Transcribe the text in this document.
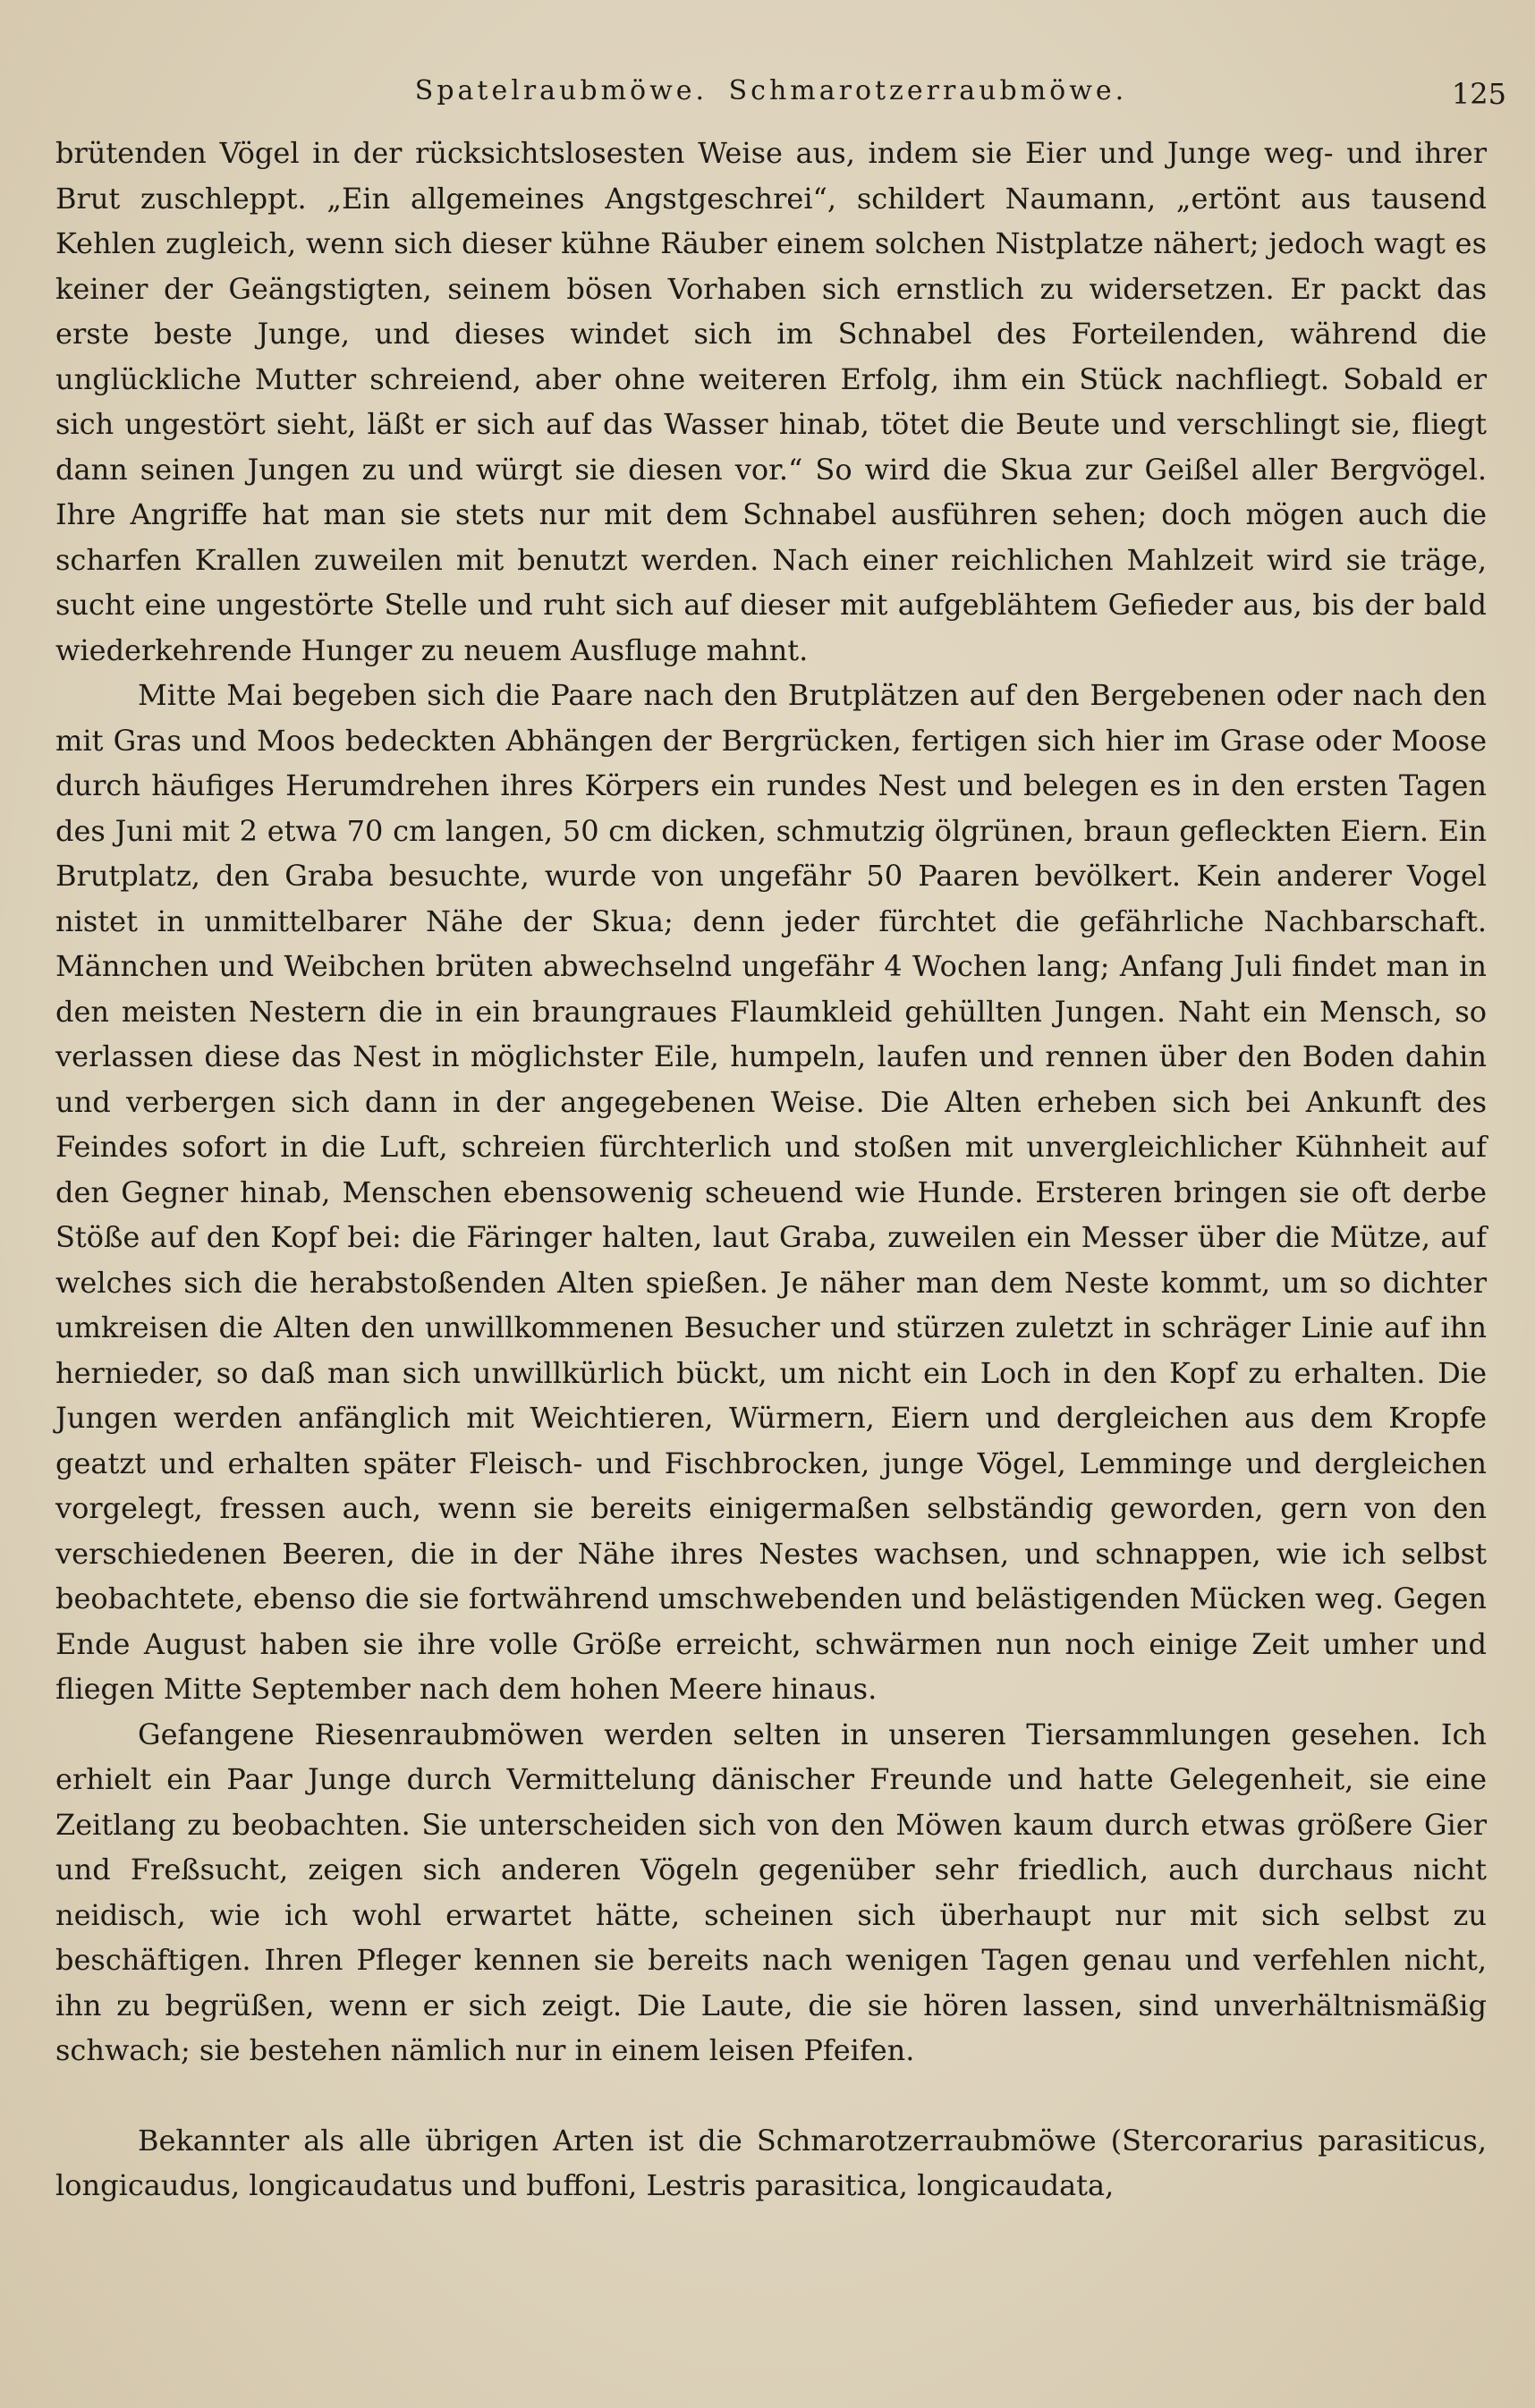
Spatelraubmöwe. Schmarotzerraubmöwe.	125

brütenden Vögel in der rücksichtslosesten Weise aus, indem sie Eier und Junge weg- und ihrer Brut zuschleppt. „Ein allgemeines Angstgeschrei“, schildert Naumann, „ertönt aus tausend Kehlen zugleich, wenn sich dieser kühne Räuber einem solchen Nistplatze nähert; jedoch wagt es keiner der Geängstigten, seinem bösen Vorhaben sich ernstlich zu widersetzen. Er packt das erste beste Junge, und dieses windet sich im Schnabel des Forteilenden, während die unglückliche Mutter schreiend, aber ohne weiteren Erfolg, ihm ein Stück nachfliegt. Sobald er sich ungestört sieht, läßt er sich auf das Wasser hinab, tötet die Beute und verschlingt sie, fliegt dann seinen Jungen zu und würgt sie diesen vor.“ So wird die Skua zur Geißel aller Bergvögel. Ihre Angriffe hat man sie stets nur mit dem Schnabel ausführen sehen; doch mögen auch die scharfen Krallen zuweilen mit benutzt werden. Nach einer reichlichen Mahlzeit wird sie träge, sucht eine ungestörte Stelle und ruht sich auf dieser mit aufgeblähtem Gefieder aus, bis der bald wiederkehrende Hunger zu neuem Ausfluge mahnt.

Mitte Mai begeben sich die Paare nach den Brutplätzen auf den Bergebenen oder nach den mit Gras und Moos bedeckten Abhängen der Bergrücken, fertigen sich hier im Grase oder Moose durch häufiges Herumdrehen ihres Körpers ein rundes Nest und belegen es in den ersten Tagen des Juni mit 2 etwa 70 cm langen, 50 cm dicken, schmutzig ölgrünen, braun gefleckten Eiern. Ein Brutplatz, den Graba besuchte, wurde von ungefähr 50 Paaren bevölkert. Kein anderer Vogel nistet in unmittelbarer Nähe der Skua; denn jeder fürchtet die gefährliche Nachbarschaft. Männchen und Weibchen brüten abwechselnd ungefähr 4 Wochen lang; Anfang Juli findet man in den meisten Nestern die in ein braungraues Flaumkleid gehüllten Jungen. Naht ein Mensch, so verlassen diese das Nest in möglichster Eile, humpeln, laufen und rennen über den Boden dahin und verbergen sich dann in der angegebenen Weise. Die Alten erheben sich bei Ankunft des Feindes sofort in die Luft, schreien fürchterlich und stoßen mit unvergleichlicher Kühnheit auf den Gegner hinab, Menschen ebensowenig scheuend wie Hunde. Ersteren bringen sie oft derbe Stöße auf den Kopf bei: die Färinger halten, laut Graba, zuweilen ein Messer über die Mütze, auf welches sich die herabstoßenden Alten spießen. Je näher man dem Neste kommt, um so dichter umkreisen die Alten den unwillkommenen Besucher und stürzen zuletzt in schräger Linie auf ihn hernieder, so daß man sich unwillkürlich bückt, um nicht ein Loch in den Kopf zu erhalten. Die Jungen werden anfänglich mit Weichtieren, Würmern, Eiern und dergleichen aus dem Kropfe geatzt und erhalten später Fleisch- und Fischbrocken, junge Vögel, Lemminge und dergleichen vorgelegt, fressen auch, wenn sie bereits einigermaßen selbständig geworden, gern von den verschiedenen Beeren, die in der Nähe ihres Nestes wachsen, und schnappen, wie ich selbst beobachtete, ebenso die sie fortwährend umschwebenden und belästigenden Mücken weg. Gegen Ende August haben sie ihre volle Größe erreicht, schwärmen nun noch einige Zeit umher und fliegen Mitte September nach dem hohen Meere hinaus.

Gefangene Riesenraubmöwen werden selten in unseren Tiersammlungen gesehen. Ich erhielt ein Paar Junge durch Vermittelung dänischer Freunde und hatte Gelegenheit, sie eine Zeitlang zu beobachten. Sie unterscheiden sich von den Möwen kaum durch etwas größere Gier und Freßsucht, zeigen sich anderen Vögeln gegenüber sehr friedlich, auch durchaus nicht neidisch, wie ich wohl erwartet hätte, scheinen sich überhaupt nur mit sich selbst zu beschäftigen. Ihren Pfleger kennen sie bereits nach wenigen Tagen genau und verfehlen nicht, ihn zu begrüßen, wenn er sich zeigt. Die Laute, die sie hören lassen, sind unverhältnismäßig schwach; sie bestehen nämlich nur in einem leisen Pfeifen.

Bekannter als alle übrigen Arten ist die Schmarotzerraubmöwe (Stercorarius parasiticus, longicaudus, longicaudatus und buffoni, Lestris parasitica, longicaudata,
